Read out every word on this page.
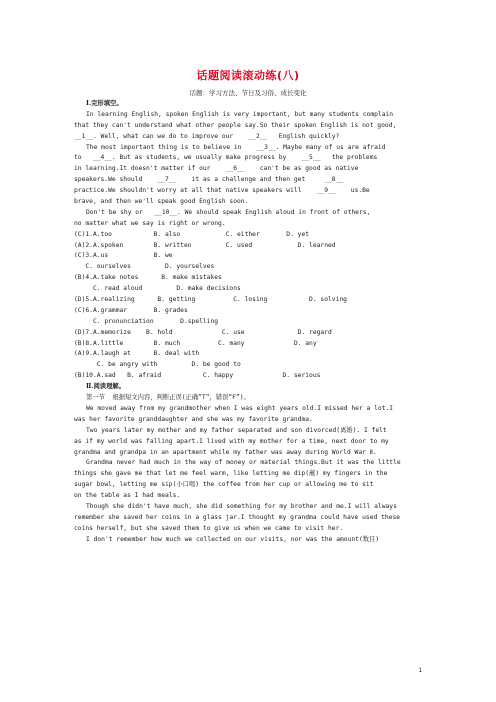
话题阅读滚动练(八)
话题：学习方法、节日及习俗、成长变化
Ⅰ.完形填空。
In learning English, spoken English is very important, but many students complain
that they can't understand what other people say.So their spoken English is not good,
__1__. Well, what can we do to improve our    __2__   English quickly?
The most important thing is to believe in    __3__. Maybe many of us are afraid
to   __4__. But as students, we usually make progress by    __5__   the problems
in learning.It doesn't matter if our    __6__    can't be as good as native
speakers.We should    __7__    it as a challenge and then get     __8__
practice.We shouldn't worry at all that native speakers will    __9__    us.Be
brave, and then we'll speak good English soon.
Don't be shy or   __10__. We should speak English aloud in front of others,
no matter what we say is right or wrong.
(C)1.A.too           B. also            C. either       D. yet
(A)2.A.spoken        B. written         C. used            D. learned
(C)3.A.us            B. we
C. ourselves         D. yourselves
(B)4.A.take notes      B. make mistakes
C. read aloud         D. make decisions
(D)5.A.realizing      B. getting          C. losing           D. solving
(C)6.A.grammar       B. grades
C. pronunciation       D.spelling
(D)7.A.memorize    B. hold             C. use              D. regard
(B)8.A.little        B. much          C. many             D. any
(A)9.A.laugh at      B. deal with
C. be angry with         D. be good to
(B)10.A.sad   B. afraid           C. happy             D. serious
Ⅱ.阅读理解。
第一节  根据短文内容，判断正误(正确“T”，错误“F”)。
We moved away from my grandmother when I was eight years old.I missed her a lot.I
was her favorite granddaughter and she was my favorite grandma.
Two years later my mother and my father separated and son divorced(离婚). I felt
as if my world was falling apart.I lived with my mother for a time, next door to my
grandma and grandpa in an apartment while my father was away during World War Ⅱ.
Grandma never had much in the way of money or material things.But it was the little
things she gave me that let me feel warm, like letting me dip(蘸) my fingers in the
sugar bowl, letting me sip(小口喝) the coffee from her cup or allowing me to sit
on the table as I had meals.
Though she didn't have much, she did something for my brother and me.I will always
remember she saved her coins in a glass jar.I thought my grandma could have used these
coins herself, but she saved them to give us when we came to visit her.
I don't remember how much we collected on our visits, nor was the amount(数目)
1
